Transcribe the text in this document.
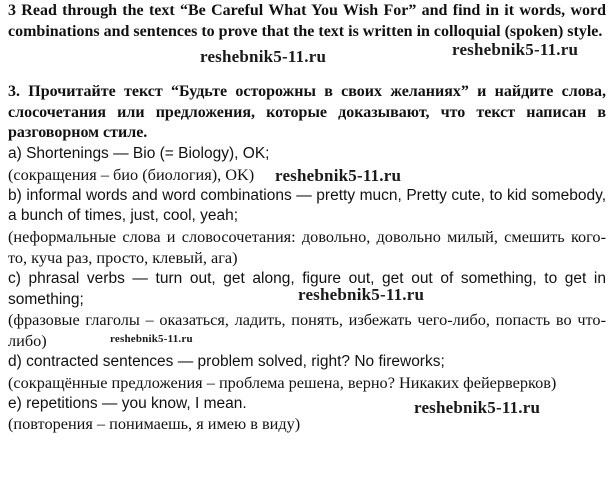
3 Read through the text “Be Careful What You Wish For” and find in it words, word combinations and sentences to prove that the text is written in colloquial (spoken) style.

3. Прочитайте текст “Будьте осторожны в своих желаниях” и найдите слова, слосочетания или предложения, которые доказывают, что текст написан в разговорном стиле.

a) Shortenings — Bio (= Biology), OK;

(сокращения – био (биология), OK)

b) informal words and word combinations — pretty mucn, Pretty cute, to kid somebody, a bunch of times, just, cool, yeah;

(неформальные слова и словосочетания: довольно, довольно милый, смешить кого-то, куча раз, просто, клевый, ага)

c) phrasal verbs — turn out, get along, figure out, get out of something, to get in something;

(фразовые глаголы – оказаться, ладить, понять, избежать чего-либо, попасть во что-либо)

d) contracted sentences — problem solved, right? No fireworks;

(сокращённые предложения – проблема решена, верно? Никаких фейерверков)

e) repetitions — you know, I mean.

(повторения – понимаешь, я имею в виду)

reshebnik5-11.ru	reshebnik5-11.ru
reshebnik5-11.ru
reshebnik5-11.ru
reshebnik5-11.ru
reshebnik5-11.ru
